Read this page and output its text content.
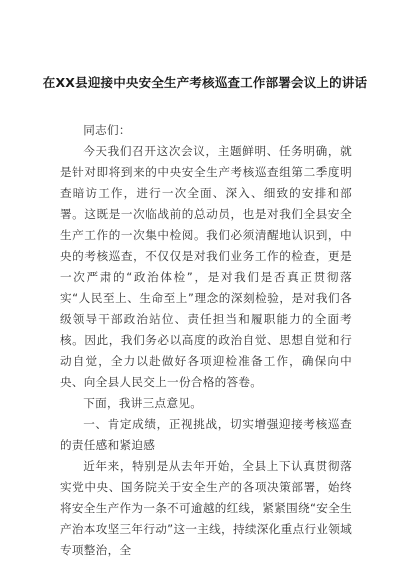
在XX县迎接中央安全生产考核巡查工作部署会议上的讲话

同志们：

今天我们召开这次会议，主题鲜明、任务明确，就是针对即将到来的中央安全生产考核巡查组第二季度明查暗访工作，进行一次全面、深入、细致的安排和部署。这既是一次临战前的总动员，也是对我们全县安全生产工作的一次集中检阅。我们必须清醒地认识到，中央的考核巡查，不仅仅是对我们业务工作的检查，更是一次严肃的“政治体检”，是对我们是否真正贯彻落实“人民至上、生命至上”理念的深刻检验，是对我们各级领导干部政治站位、责任担当和履职能力的全面考核。因此，我们务必以高度的政治自觉、思想自觉和行动自觉，全力以赴做好各项迎检准备工作，确保向中央、向全县人民交上一份合格的答卷。

下面，我讲三点意见。

一、肯定成绩，正视挑战，切实增强迎接考核巡查的责任感和紧迫感

近年来，特别是从去年开始，全县上下认真贯彻落实党中央、国务院关于安全生产的各项决策部署，始终将安全生产作为一条不可逾越的红线，紧紧围绕“安全生产治本攻坚三年行动”这一主线，持续深化重点行业领域专项整治，全
